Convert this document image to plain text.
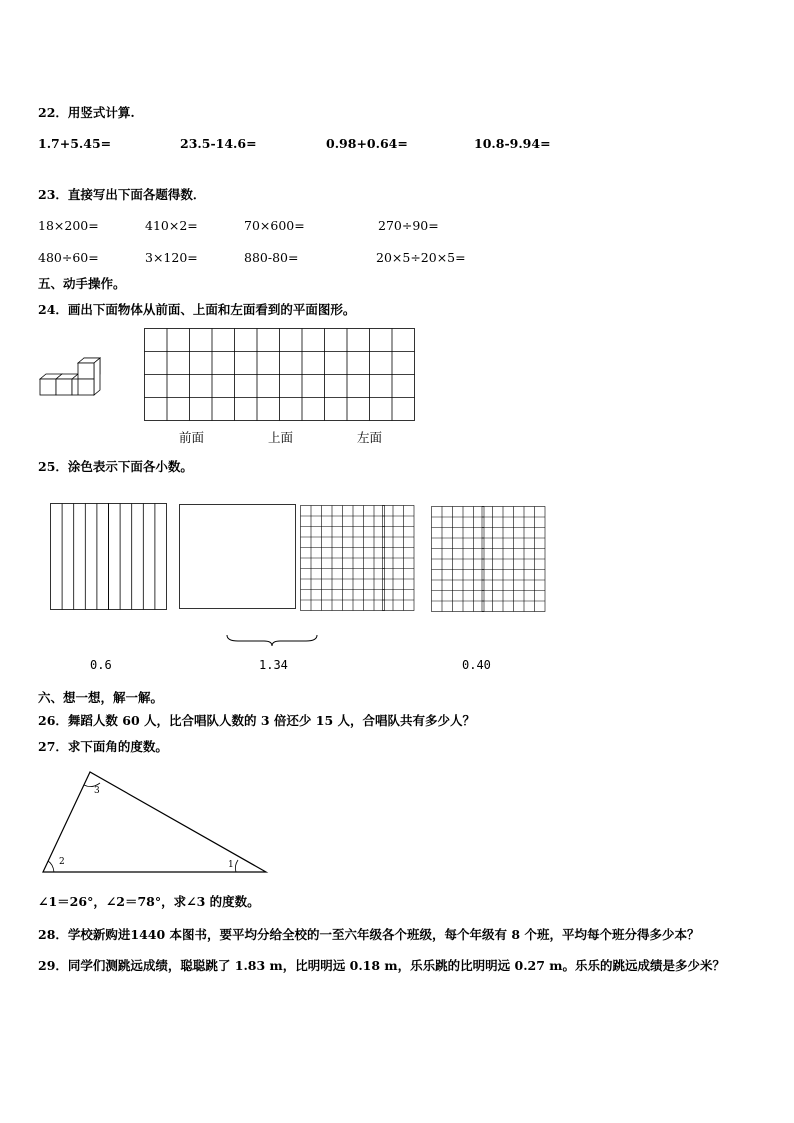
22．用竖式计算.
1.7+5.45=	23.5-14.6=	0.98+0.64=	10.8-9.94=
23．直接写出下面各题得数．
18×200=	410×2=	70×600=	270÷90=
480÷60=	3×120=	880-80=	20×5÷20×5=
五、动手操作。
24．画出下面物体从前面、上面和左面看到的平面图形。
前面	上面	左面
25．涂色表示下面各小数。
0.6	1.34	0.40
六、想一想，解一解。
26．舞蹈人数 60 人，比合唱队人数的 3 倍还少 15 人，合唱队共有多少人？
27．求下面角的度数。
3
2	1
∠1＝26°，∠2＝78°，求∠3 的度数。
28．学校新购进1440 本图书，要平均分给全校的一至六年级各个班级，每个年级有 8 个班，平均每个班分得多少本？
29．同学们测跳远成绩，聪聪跳了 1.83 m，比明明远 0.18 m，乐乐跳的比明明远 0.27 m。乐乐的跳远成绩是多少米？
